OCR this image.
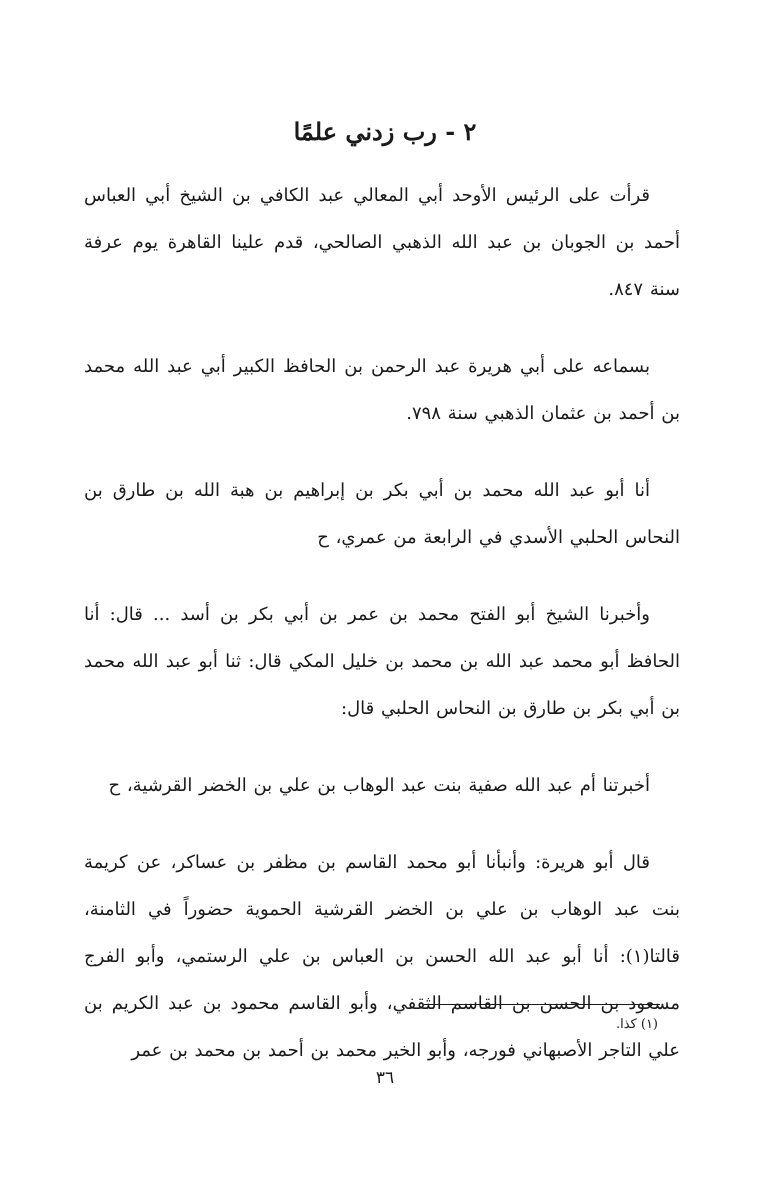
٢ - رب زدني علمًا

قرأت على الرئيس الأوحد أبي المعالي عبد الكافي بن الشيخ أبي العباس أحمد بن الجوبان بن عبد الله الذهبي الصالحي، قدم علينا القاهرة يوم عرفة سنة ٨٤٧.

بسماعه على أبي هريرة عبد الرحمن بن الحافظ الكبير أبي عبد الله محمد بن أحمد بن عثمان الذهبي سنة ٧٩٨.

أنا أبو عبد الله محمد بن أبي بكر بن إبراهيم بن هبة الله بن طارق بن النحاس الحلبي الأسدي في الرابعة من عمري، ح

وأخبرنا الشيخ أبو الفتح محمد بن عمر بن أبي بكر بن أسد ... قال: أنا الحافظ أبو محمد عبد الله بن محمد بن خليل المكي قال: ثنا أبو عبد الله محمد بن أبي بكر بن طارق بن النحاس الحلبي قال:

أخبرتنا أم عبد الله صفية بنت عبد الوهاب بن علي بن الخضر القرشية، ح

قال أبو هريرة: وأنبأنا أبو محمد القاسم بن مظفر بن عساكر، عن كريمة بنت عبد الوهاب بن علي بن الخضر القرشية الحموية حضوراً في الثامنة، قالتا(١): أنا أبو عبد الله الحسن بن العباس بن علي الرستمي، وأبو الفرج مسعود بن الحسن بن القاسم الثقفي، وأبو القاسم محمود بن عبد الكريم بن علي التاجر الأصبهاني فورجه، وأبو الخير محمد بن أحمد بن محمد بن عمر

(١) كذا.

٣٦
